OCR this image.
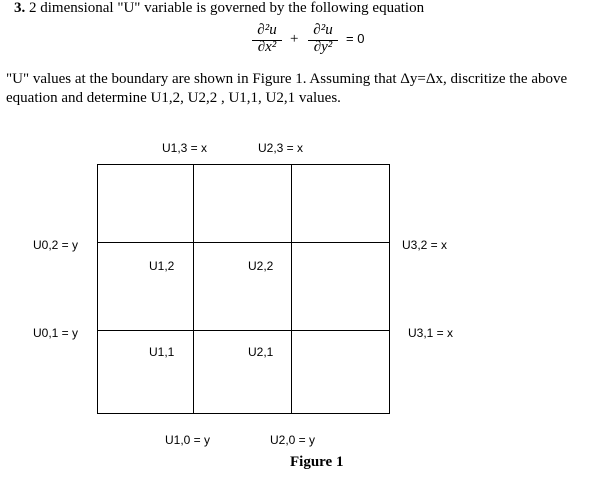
3. 2 dimensional "U" variable is governed by the following equation
∂²u
∂x² +
∂²u
∂y²
= 0
"U" values at the boundary are shown in Figure 1. Assuming that Δy=Δx, discritize the above
equation and determine U1,2, U2,2 , U1,1, U2,1 values.
U1,3 = x	U2,3 = x
U0,2 = y
U0,1 = y
U3,2 = x
U3,1 = x
U1,2	U2,2
U1,1	U2,1
U1,0 = y	U2,0 = y
Figure 1
